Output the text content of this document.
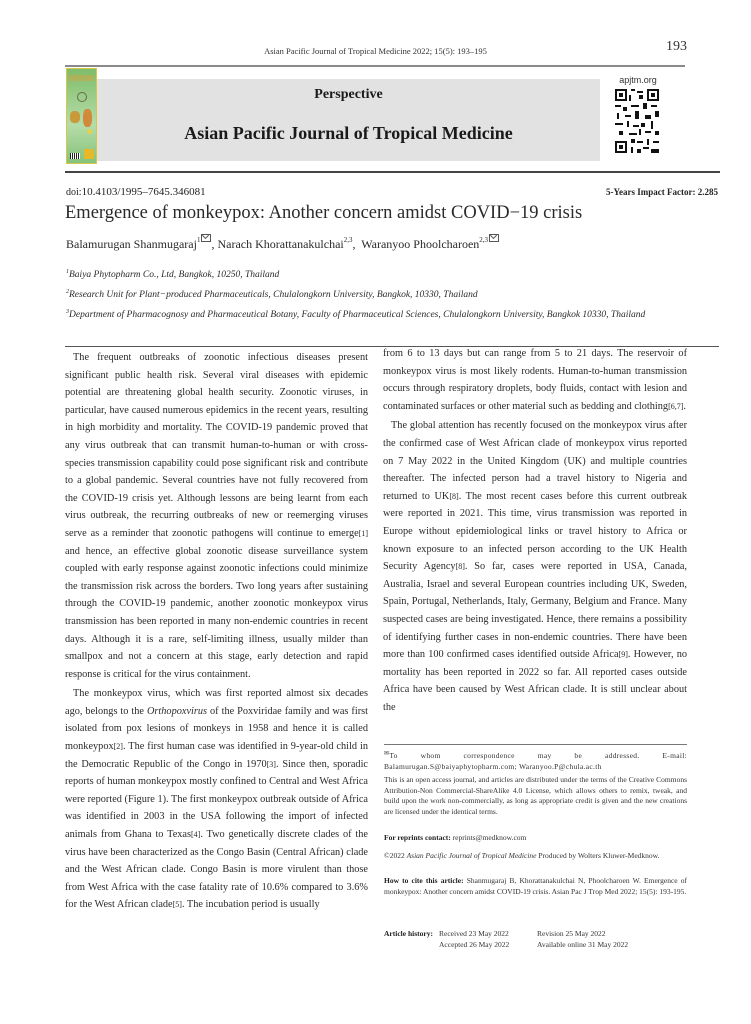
Asian Pacific Journal of Tropical Medicine 2022; 15(5): 193–195	193
Perspective
Asian Pacific Journal of Tropical Medicine
apjtm.org
doi:10.4103/1995–7645.346081	5-Years Impact Factor: 2.285
Emergence of monkeypox: Another concern amidst COVID−19 crisis
Balamurugan Shanmugaraj$^1$ , Narach Khorattanakulchai$^{2,3}$,  Waranyoo Phoolcharoen$^{2,3}$
$^1$Baiya Phytopharm Co., Ltd, Bangkok, 10250, Thailand
$^2$Research Unit for Plant−produced Pharmaceuticals, Chulalongkorn University, Bangkok, 10330, Thailand
$^3$Department of Pharmacognosy and Pharmaceutical Botany, Faculty of Pharmaceutical Sciences, Chulalongkorn University, Bangkok 10330, Thailand

The frequent outbreaks of zoonotic infectious diseases present significant public health risk. Several viral diseases with epidemic potential are threatening global health security. Zoonotic viruses, in particular, have caused numerous epidemics in the recent years, resulting in high morbidity and mortality. The COVID-19 pandemic proved that any virus outbreak that can transmit human-to-human or with cross-species transmission capability could pose significant risk and contribute to a global pandemic. Several countries have not fully recovered from the COVID-19 crisis yet. Although lessons are being learnt from each virus outbreak, the recurring outbreaks of new or reemerging viruses serve as a reminder that zoonotic pathogens will continue to emerge[1] and hence, an effective global zoonotic disease surveillance system coupled with early response against zoonotic infections could minimize the transmission risk across the borders. Two long years after sustaining through the COVID-19 pandemic, another zoonotic monkeypox virus transmission has been reported in many non-endemic countries in recent days. Although it is a rare, self-limiting illness, usually milder than smallpox and not a concern at this stage, early detection and rapid response is critical for the virus containment.

The monkeypox virus, which was first reported almost six decades ago, belongs to the Orthopoxvirus of the Poxviridae family and was first isolated from pox lesions of monkeys in 1958 and hence it is called monkeypox[2]. The first human case was identified in 9-year-old child in the Democratic Republic of the Congo in 1970[3]. Since then, sporadic reports of human monkeypox mostly confined to Central and West Africa were reported (Figure 1). The first monkeypox outbreak outside of Africa was identified in 2003 in the USA following the import of infected animals from Ghana to Texas[4]. Two genetically discrete clades of the virus have been characterized as the Congo Basin (Central African) clade and the West African clade. Congo Basin is more virulent than those from West Africa with the case fatality rate of 10.6% compared to 3.6% for the West African clade[5]. The incubation period is usually

from 6 to 13 days but can range from 5 to 21 days. The reservoir of monkeypox virus is most likely rodents. Human-to-human transmission occurs through respiratory droplets, body fluids, contact with lesion and contaminated surfaces or other material such as bedding and clothing[6,7].

The global attention has recently focused on the monkeypox virus after the confirmed case of West African clade of monkeypox virus reported on 7 May 2022 in the United Kingdom (UK) and multiple countries thereafter. The infected person had a travel history to Nigeria and returned to UK[8]. The most recent cases before this current outbreak were reported in 2021. This time, virus transmission was reported in Europe without epidemiological links or travel history to Africa or known exposure to an infected person according to the UK Health Security Agency[8]. So far, cases were reported in USA, Canada, Australia, Israel and several European countries including UK, Sweden, Spain, Portugal, Netherlands, Italy, Germany, Belgium and France. Many suspected cases are being investigated. Hence, there remains a possibility of identifying further cases in non-endemic countries. There have been more than 100 confirmed cases identified outside Africa[9]. However, no mortality has been reported in 2022 so far. All reported cases outside Africa have been caused by West African clade. It is still unclear about the

✉To whom correspondence may be addressed. E-mail: Balamurugan.S@baiyaphytopharm.com; Waranyoo.P@chula.ac.th
This is an open access journal, and articles are distributed under the terms of the Creative Commons Attribution-Non Commercial-ShareAlike 4.0 License, which allows others to remix, tweak, and build upon the work non-commercially, as long as appropriate credit is given and the new creations are licensed under the identical terms.
For reprints contact: reprints@medknow.com
©2022 Asian Pacific Journal of Tropical Medicine Produced by Wolters Kluwer-Medknow.
How to cite this article: Shanmugaraj B, Khorattanakulchai N, Phoolcharoen W. Emergence of monkeypox: Another concern amidst COVID-19 crisis. Asian Pac J Trop Med 2022; 15(5): 193-195.
Article history: Received 23 May 2022	Revision 25 May 2022
Accepted 26 May 2022	Available online 31 May 2022
